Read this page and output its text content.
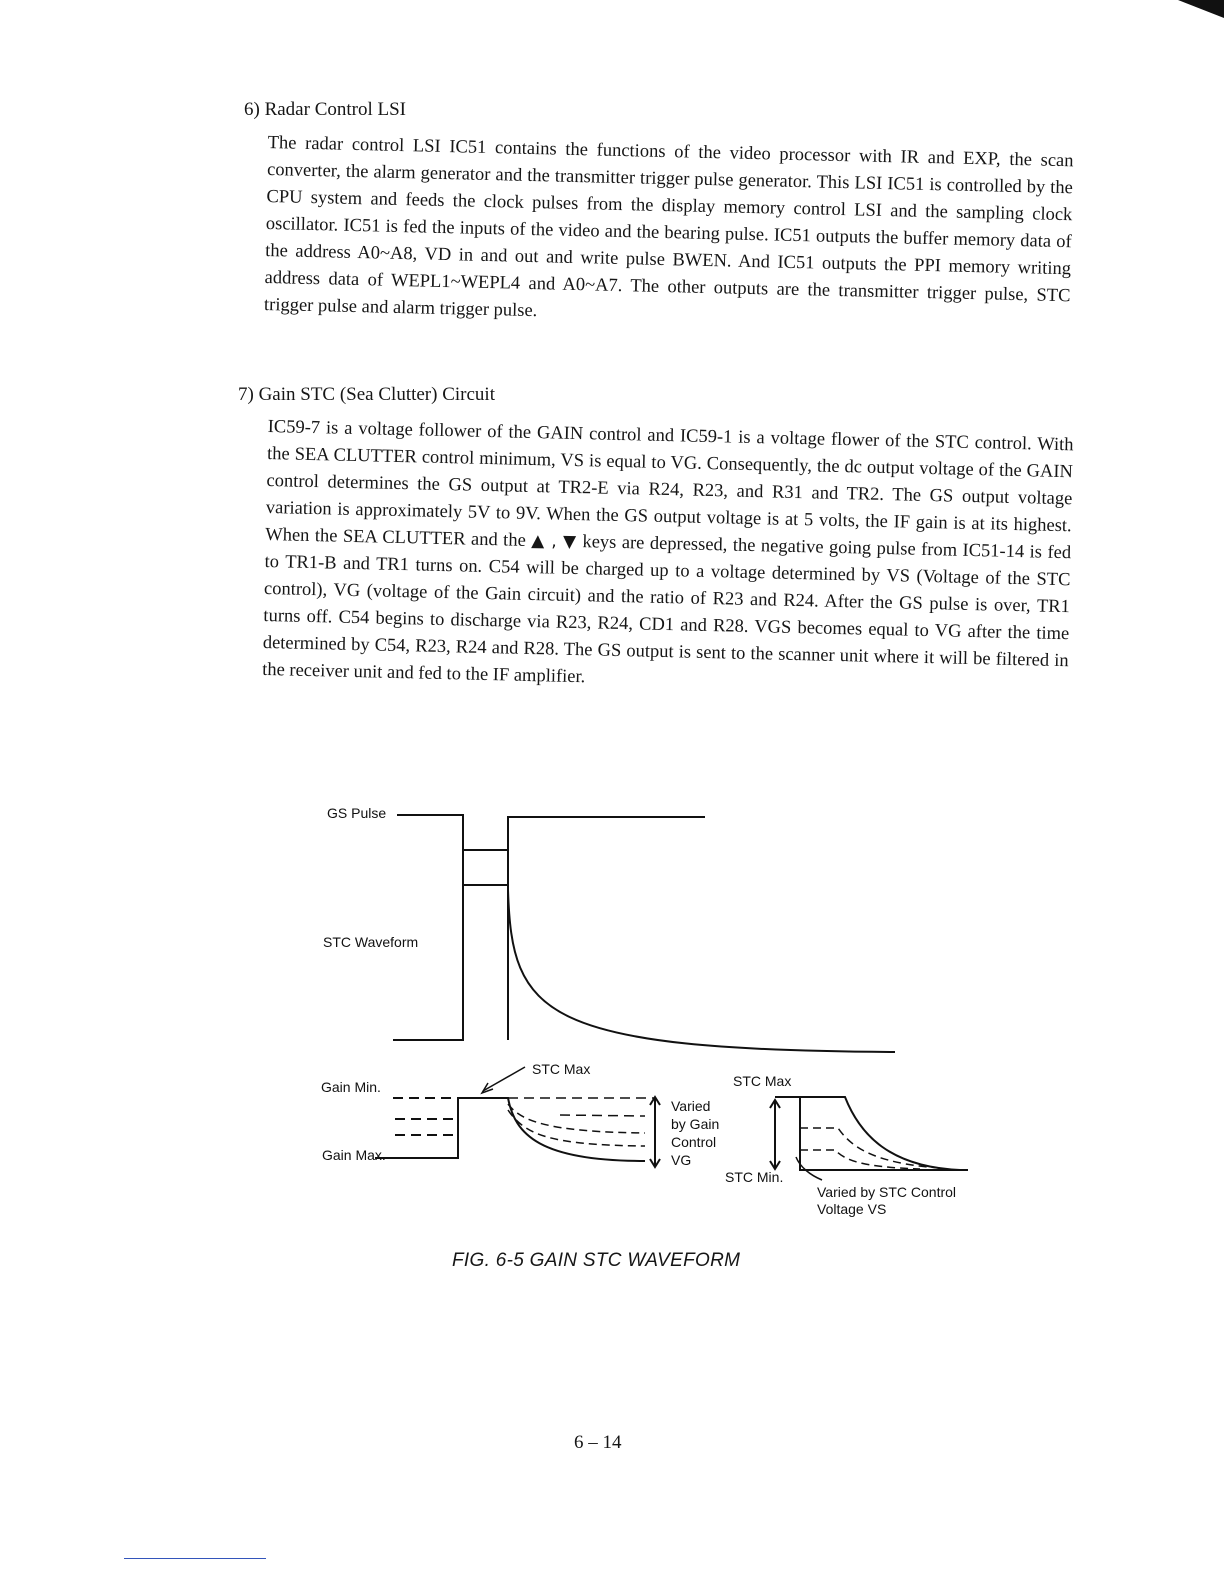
6) Radar Control LSI
The radar control LSI IC51 contains the functions of the video processor with IR and EXP, the scan converter, the alarm generator and the transmitter trigger pulse generator. This LSI IC51 is controlled by the CPU system and feeds the clock pulses from the display memory control LSI and the sampling clock oscillator. IC51 is fed the inputs of the video and the bearing pulse. IC51 outputs the buffer memory data of the address A0~A8, VD in and out and write pulse BWEN. And IC51 outputs the PPI memory writing address data of WEPL1~WEPL4 and A0~A7. The other outputs are the transmitter trigger pulse, STC trigger pulse and alarm trigger pulse.
7) Gain STC (Sea Clutter) Circuit
IC59-7 is a voltage follower of the GAIN control and IC59-1 is a voltage flower of the STC control. With the SEA CLUTTER control minimum, VS is equal to VG. Consequently, the dc output voltage of the GAIN control determines the GS output at TR2-E via R24, R23, and R31 and TR2. The GS output voltage variation is approximately 5V to 9V. When the GS output voltage is at 5 volts, the IF gain is at its highest. When the SEA CLUTTER and the ▲ , ▼ keys are depressed, the negative going pulse from IC51-14 is fed to TR1-B and TR1 turns on. C54 will be charged up to a voltage determined by VS (Voltage of the STC control), VG (voltage of the Gain circuit) and the ratio of R23 and R24. After the GS pulse is over, TR1 turns off. C54 begins to discharge via R23, R24, CD1 and R28. VGS becomes equal to VG after the time determined by C54, R23, R24 and R28. The GS output is sent to the scanner unit where it will be filtered in the receiver unit and fed to the IF amplifier.
GS Pulse
STC Waveform
Gain Min.
Gain Max.
STC Max
Varied
by Gain
Control
VG
STC Max
STC Min.
Varied by STC Control
Voltage VS
FIG. 6-5 GAIN STC WAVEFORM
6 – 14
